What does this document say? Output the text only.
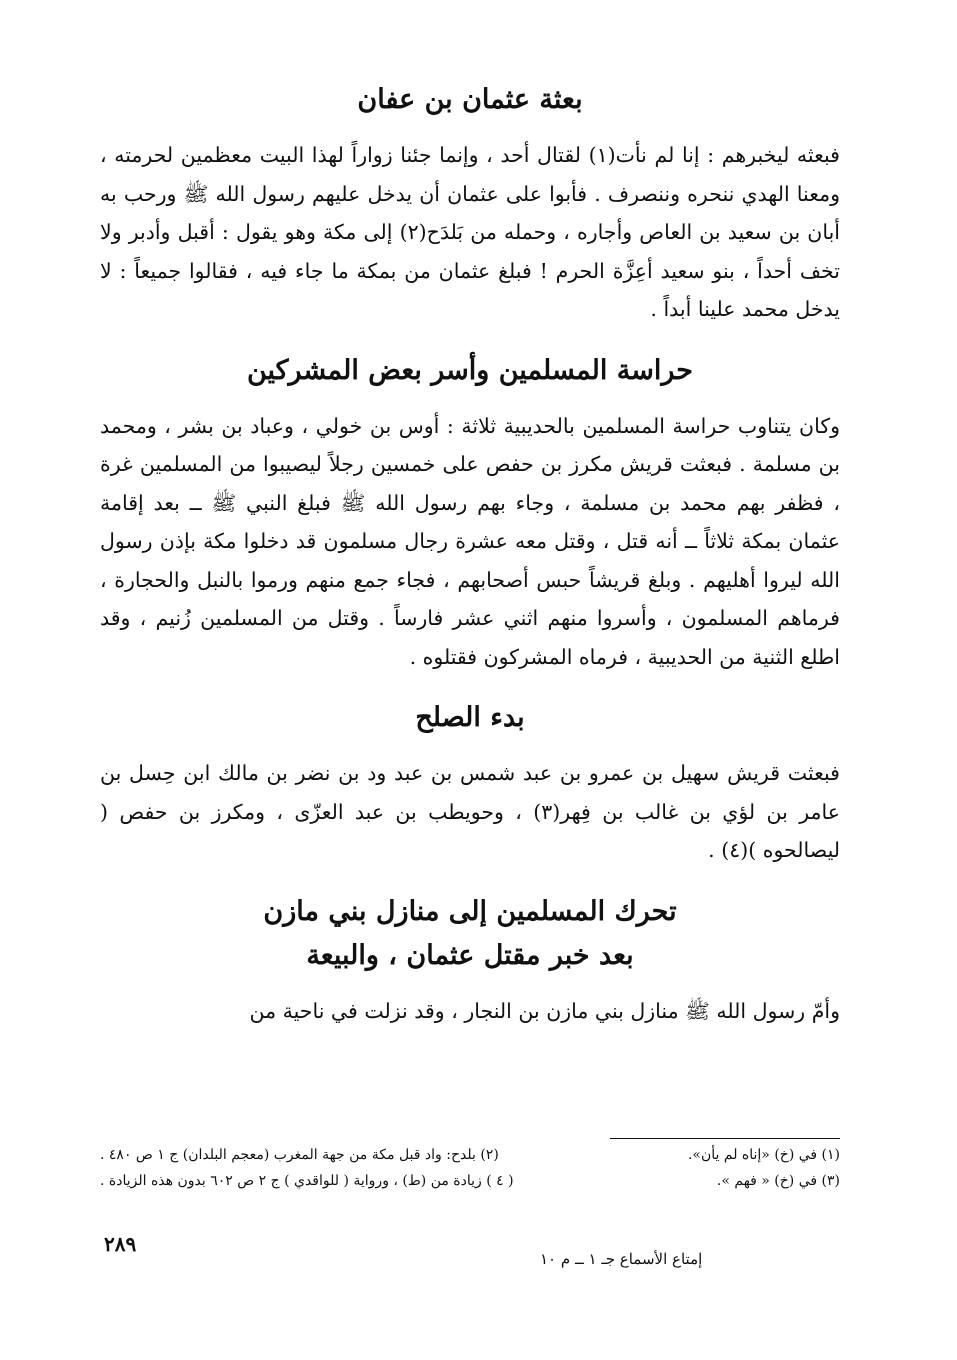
بعثة عثمان بن عفان

فبعثه ليخبرهم : إنا لم نأت(١) لقتال أحد ، وإنما جئنا زواراً لهذا البيت معظمين لحرمته ، ومعنا الهدي ننحره وننصرف . فأبوا على عثمان أن يدخل عليهم رسول الله ﷺ ورحب به أبان بن سعيد بن العاص وأجاره ، وحمله من بَلدَح(٢) إلى مكة وهو يقول : أقبل وأدبر ولا تخف أحداً ، بنو سعيد أعِزَّة الحرم ! فبلغ عثمان من بمكة ما جاء فيه ، فقالوا جميعاً : لا يدخل محمد علينا أبداً .

حراسة المسلمين وأسر بعض المشركين

وكان يتناوب حراسة المسلمين بالحديبية ثلاثة : أوس بن خولي ، وعباد بن بشر ، ومحمد بن مسلمة . فبعثت قريش مكرز بن حفص على خمسين رجلاً ليصيبوا من المسلمين غرة ، فظفر بهم محمد بن مسلمة ، وجاء بهم رسول الله ﷺ فبلغ النبي ﷺ ــ بعد إقامة عثمان بمكة ثلاثاً ــ أنه قتل ، وقتل معه عشرة رجال مسلمون قد دخلوا مكة بإذن رسول الله ليروا أهليهم . وبلغ قريشاً حبس أصحابهم ، فجاء جمع منهم ورموا بالنبل والحجارة ، فرماهم المسلمون ، وأسروا منهم اثني عشر فارساً . وقتل من المسلمين زُنيم ، وقد اطلع الثنية من الحديبية ، فرماه المشركون فقتلوه .

بدء الصلح

فبعثت قريش سهيل بن عمرو بن عبد شمس بن عبد ود بن نضر بن مالك ابن حِسل بن عامر بن لؤي بن غالب بن فِهر(٣) ، وحويطب بن عبد العزّى ، ومكرز بن حفص ( ليصالحوه )(٤) .

تحرك المسلمين إلى منازل بني مازن
بعد خبر مقتل عثمان ، والبيعة

وأمّ رسول الله ﷺ منازل بني مازن بن النجار ، وقد نزلت في ناحية من

(١) في (خ) «إناه لم يأن».
(٢) بلدح: واد قبل مكة من جهة المغرب (معجم البلدان) ج ١ ص ٤٨٠ .
(٣) في (خ) « فهم ».
( ٤ ) زيادة من (ط) ، ورواية ( للواقدي ) ج ٢ ص ٦٠٢ بدون هذه الزيادة .
٢٨٩
إمتاع الأسماع جـ ١ ــ م ١٠
